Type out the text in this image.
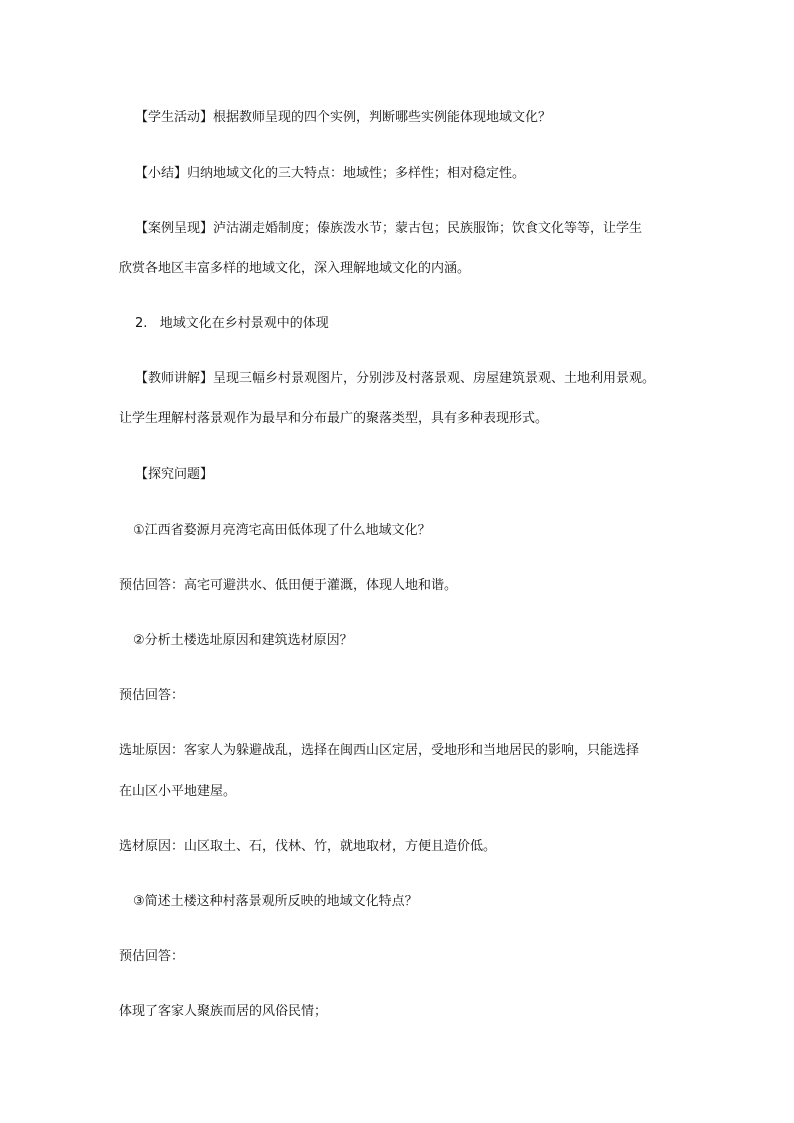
【学生活动】根据教师呈现的四个实例，判断哪些实例能体现地域文化？
【小结】归纳地域文化的三大特点：地域性；多样性；相对稳定性。
【案例呈现】泸沽湖走婚制度；傣族泼水节；蒙古包；民族服饰；饮食文化等等，让学生
欣赏各地区丰富多样的地域文化，深入理解地域文化的内涵。
2.   地域文化在乡村景观中的体现
【教师讲解】呈现三幅乡村景观图片，分别涉及村落景观、房屋建筑景观、土地利用景观。
让学生理解村落景观作为最早和分布最广的聚落类型，具有多种表现形式。
【探究问题】
①江西省婺源月亮湾宅高田低体现了什么地域文化？
预估回答：高宅可避洪水、低田便于灌溉，体现人地和谐。
②分析土楼选址原因和建筑选材原因？
预估回答：
选址原因：客家人为躲避战乱，选择在闽西山区定居，受地形和当地居民的影响，只能选择
在山区小平地建屋。
选材原因：山区取土、石，伐林、竹，就地取材，方便且造价低。
③简述土楼这种村落景观所反映的地域文化特点？
预估回答：
体现了客家人聚族而居的风俗民情；
